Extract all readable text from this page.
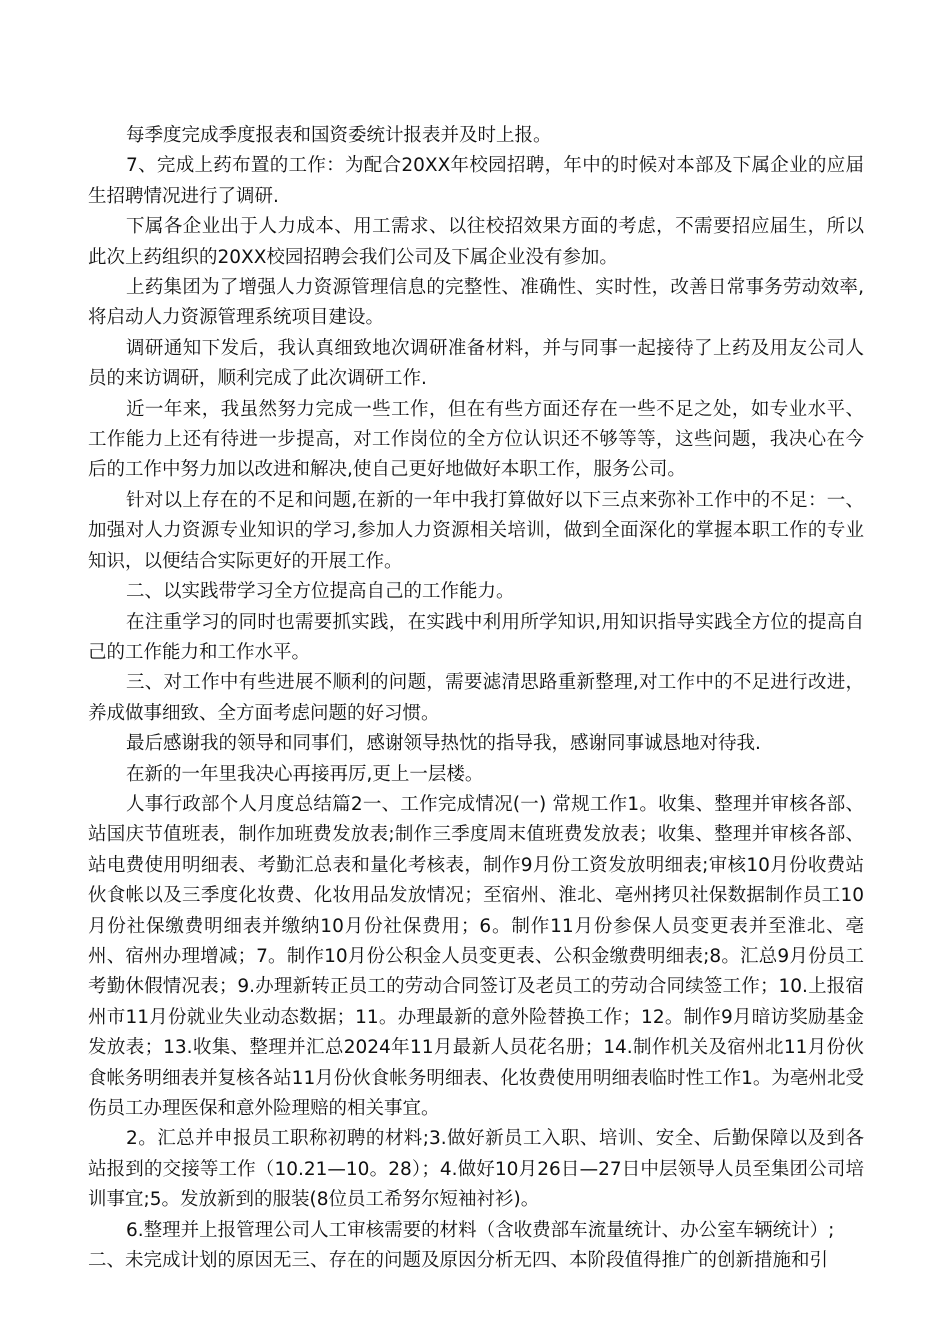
每季度完成季度报表和国资委统计报表并及时上报。

7、完成上药布置的工作：为配合20XX年校园招聘，年中的时候对本部及下属企业的应届生招聘情况进行了调研.

下属各企业出于人力成本、用工需求、以往校招效果方面的考虑，不需要招应届生，所以此次上药组织的20XX校园招聘会我们公司及下属企业没有参加。

上药集团为了增强人力资源管理信息的完整性、准确性、实时性，改善日常事务劳动效率,将启动人力资源管理系统项目建设。

调研通知下发后，我认真细致地次调研准备材料，并与同事一起接待了上药及用友公司人员的来访调研，顺利完成了此次调研工作.

近一年来，我虽然努力完成一些工作，但在有些方面还存在一些不足之处，如专业水平、工作能力上还有待进一步提高，对工作岗位的全方位认识还不够等等，这些问题，我决心在今后的工作中努力加以改进和解决,使自己更好地做好本职工作，服务公司。

针对以上存在的不足和问题,在新的一年中我打算做好以下三点来弥补工作中的不足：一、加强对人力资源专业知识的学习,参加人力资源相关培训，做到全面深化的掌握本职工作的专业知识，以便结合实际更好的开展工作。

二、以实践带学习全方位提高自己的工作能力。

在注重学习的同时也需要抓实践，在实践中利用所学知识,用知识指导实践全方位的提高自己的工作能力和工作水平。

三、对工作中有些进展不顺利的问题，需要滤清思路重新整理,对工作中的不足进行改进，养成做事细致、全方面考虑问题的好习惯。

最后感谢我的领导和同事们，感谢领导热忱的指导我，感谢同事诚恳地对待我.

在新的一年里我决心再接再厉,更上一层楼。

人事行政部个人月度总结篇2一、工作完成情况(一) 常规工作1。收集、整理并审核各部、站国庆节值班表，制作加班费发放表;制作三季度周末值班费发放表；收集、整理并审核各部、站电费使用明细表、考勤汇总表和量化考核表，制作9月份工资发放明细表;审核10月份收费站伙食帐以及三季度化妆费、化妆用品发放情况；至宿州、淮北、亳州拷贝社保数据制作员工10月份社保缴费明细表并缴纳10月份社保费用；6。制作11月份参保人员变更表并至淮北、亳州、宿州办理增减；7。制作10月份公积金人员变更表、公积金缴费明细表;8。汇总9月份员工考勤休假情况表；9.办理新转正员工的劳动合同签订及老员工的劳动合同续签工作；10.上报宿州市11月份就业失业动态数据；11。办理最新的意外险替换工作；12。制作9月暗访奖励基金发放表；13.收集、整理并汇总2024年11月最新人员花名册；14.制作机关及宿州北11月份伙食帐务明细表并复核各站11月份伙食帐务明细表、化妆费使用明细表临时性工作1。为亳州北受伤员工办理医保和意外险理赔的相关事宜。

2。汇总并申报员工职称初聘的材料;3.做好新员工入职、培训、安全、后勤保障以及到各站报到的交接等工作（10.21—10。28）；4.做好10月26日—27日中层领导人员至集团公司培训事宜;5。发放新到的服装(8位员工希努尔短袖衬衫)。

6.整理并上报管理公司人工审核需要的材料（含收费部车流量统计、办公室车辆统计）;

二、未完成计划的原因无三、存在的问题及原因分析无四、本阶段值得推广的创新措施和引
